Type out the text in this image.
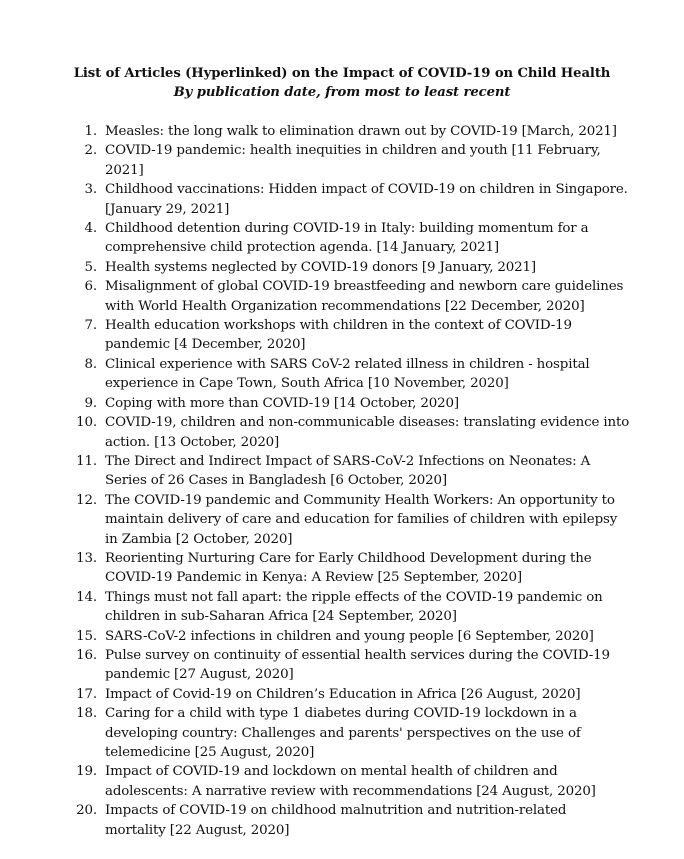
List of Articles (Hyperlinked) on the Impact of COVID-19 on Child Health
By publication date, from most to least recent
1. Measles: the long walk to elimination drawn out by COVID-19 [March, 2021]
2. COVID-19 pandemic: health inequities in children and youth [11 February, 2021]
3. Childhood vaccinations: Hidden impact of COVID-19 on children in Singapore. [January 29, 2021]
4. Childhood detention during COVID-19 in Italy: building momentum for a comprehensive child protection agenda. [14 January, 2021]
5. Health systems neglected by COVID-19 donors [9 January, 2021]
6. Misalignment of global COVID-19 breastfeeding and newborn care guidelines with World Health Organization recommendations [22 December, 2020]
7. Health education workshops with children in the context of COVID-19 pandemic [4 December, 2020]
8. Clinical experience with SARS CoV-2 related illness in children - hospital experience in Cape Town, South Africa [10 November, 2020]
9. Coping with more than COVID-19 [14 October, 2020]
10. COVID-19, children and non-communicable diseases: translating evidence into action. [13 October, 2020]
11. The Direct and Indirect Impact of SARS-CoV-2 Infections on Neonates: A Series of 26 Cases in Bangladesh [6 October, 2020]
12. The COVID-19 pandemic and Community Health Workers: An opportunity to maintain delivery of care and education for families of children with epilepsy in Zambia [2 October, 2020]
13. Reorienting Nurturing Care for Early Childhood Development during the COVID-19 Pandemic in Kenya: A Review [25 September, 2020]
14. Things must not fall apart: the ripple effects of the COVID-19 pandemic on children in sub-Saharan Africa [24 September, 2020]
15. SARS-CoV-2 infections in children and young people [6 September, 2020]
16. Pulse survey on continuity of essential health services during the COVID-19 pandemic [27 August, 2020]
17. Impact of Covid-19 on Children’s Education in Africa [26 August, 2020]
18. Caring for a child with type 1 diabetes during COVID-19 lockdown in a developing country: Challenges and parents' perspectives on the use of telemedicine [25 August, 2020]
19. Impact of COVID-19 and lockdown on mental health of children and adolescents: A narrative review with recommendations [24 August, 2020]
20. Impacts of COVID-19 on childhood malnutrition and nutrition-related mortality [22 August, 2020]
